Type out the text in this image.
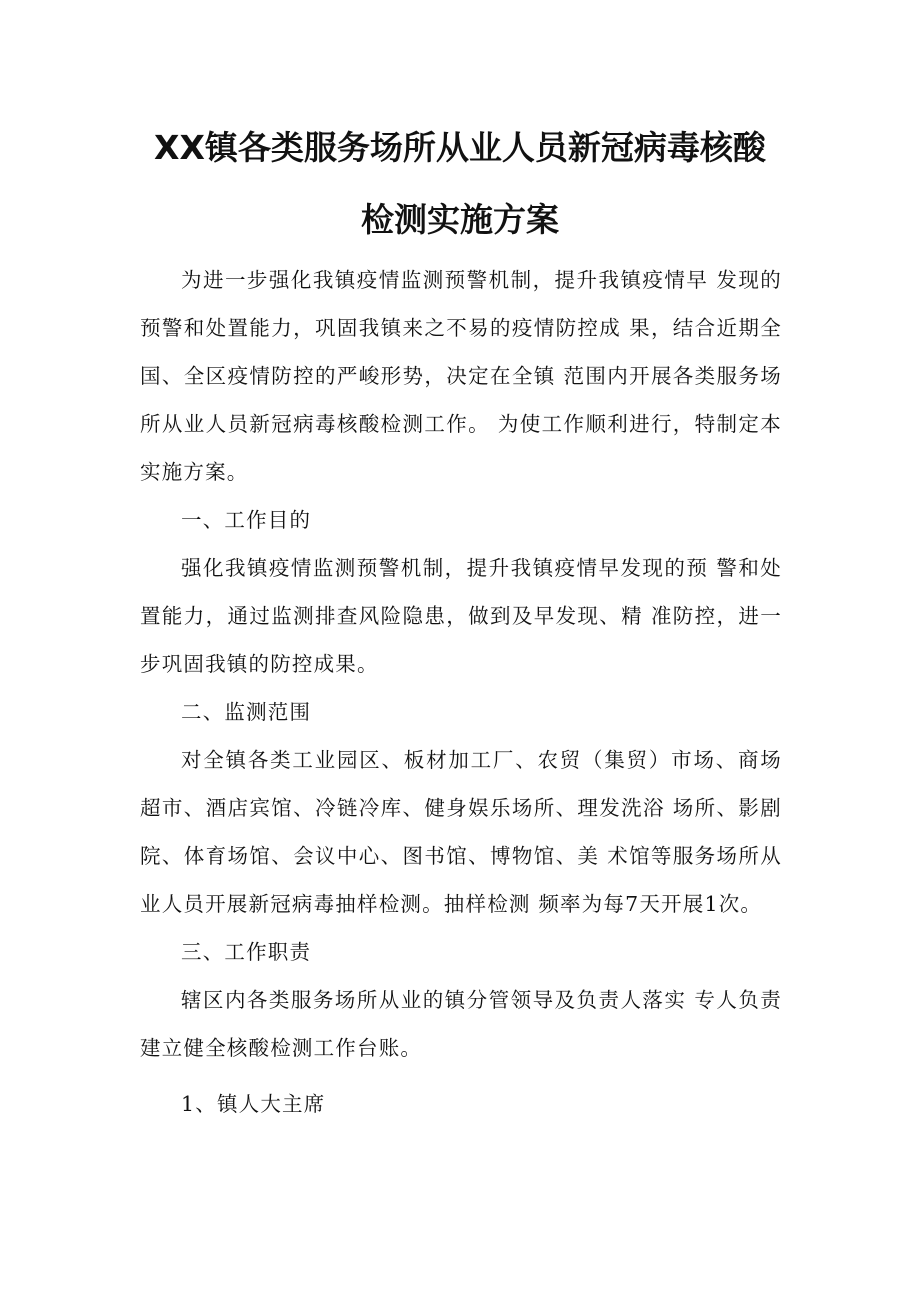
XX镇各类服务场所从业人员新冠病毒核酸
检测实施方案

为进一步强化我镇疫情监测预警机制，提升我镇疫情早 发现的预警和处置能力，巩固我镇来之不易的疫情防控成 果，结合近期全国、全区疫情防控的严峻形势，决定在全镇 范围内开展各类服务场所从业人员新冠病毒核酸检测工作。 为使工作顺利进行，特制定本实施方案。

一、工作目的

强化我镇疫情监测预警机制，提升我镇疫情早发现的预 警和处置能力，通过监测排查风险隐患，做到及早发现、精 准防控，进一步巩固我镇的防控成果。

二、监测范围

对全镇各类工业园区、板材加工厂、农贸（集贸）市场、商场超市、酒店宾馆、冷链冷库、健身娱乐场所、理发洗浴 场所、影剧院、体育场馆、会议中心、图书馆、博物馆、美 术馆等服务场所从业人员开展新冠病毒抽样检测。抽样检测 频率为每7天开展1次。

三、工作职责

辖区内各类服务场所从业的镇分管领导及负责人落实 专人负责建立健全核酸检测工作台账。

1、镇人大主席
